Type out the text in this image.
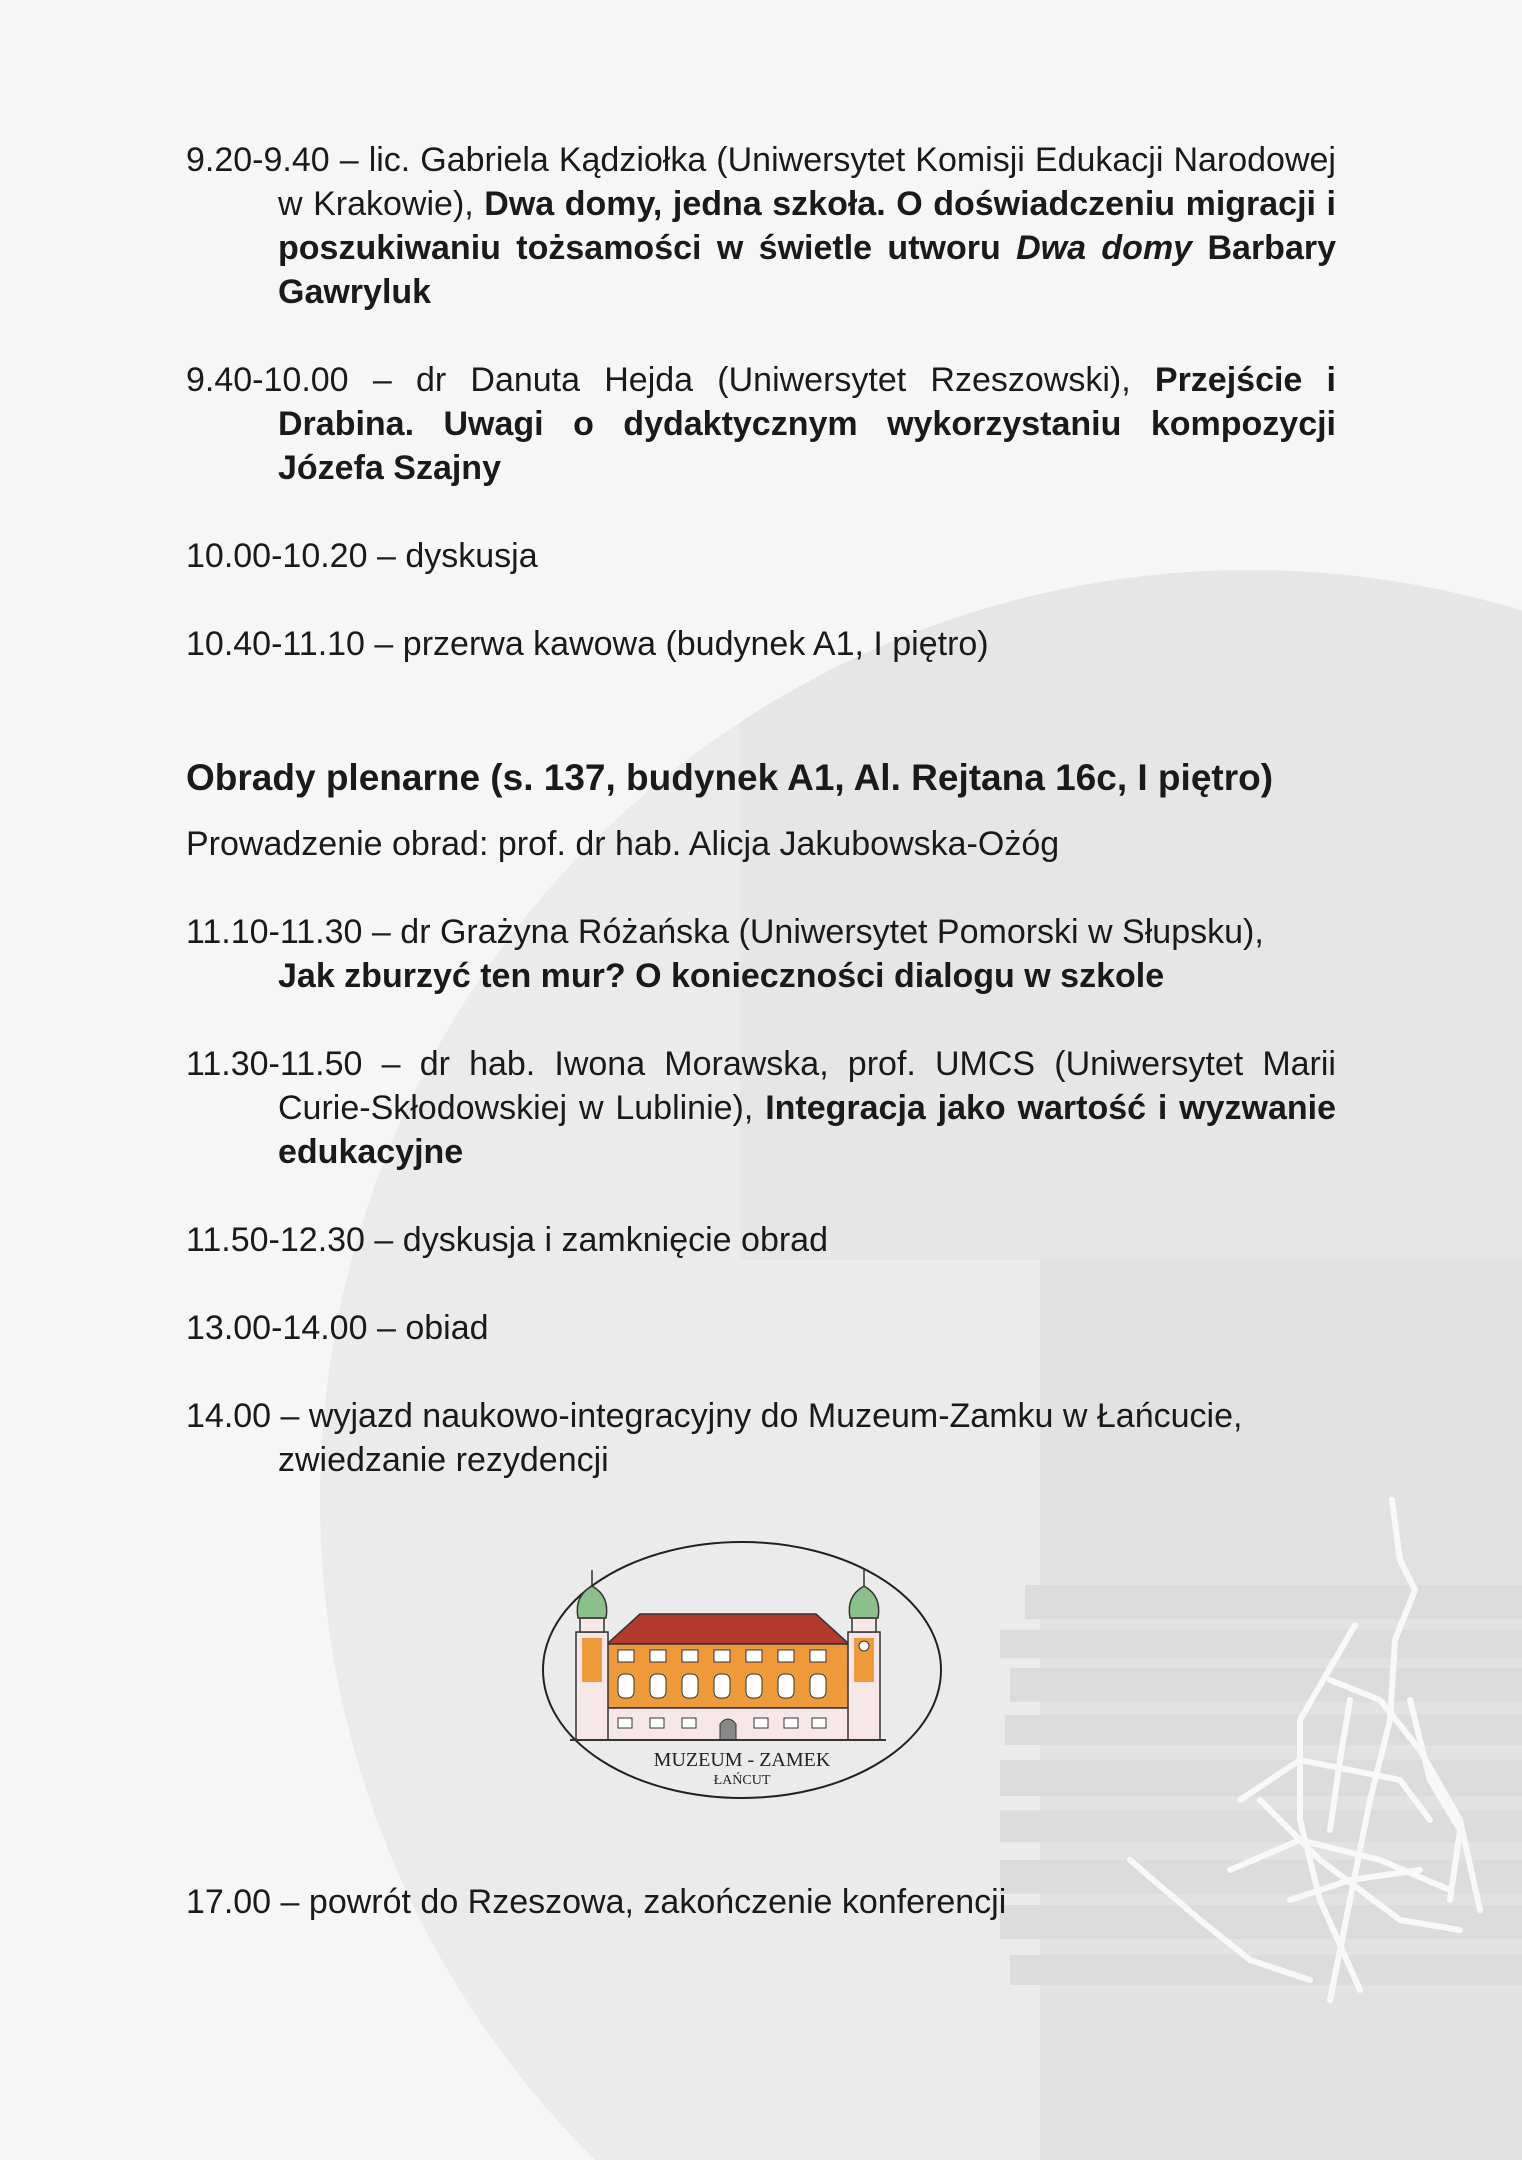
9.20-9.40 – lic. Gabriela Kądziołka (Uniwersytet Komisji Edukacji Narodowej w Krakowie), Dwa domy, jedna szkoła. O doświadczeniu migracji i poszukiwaniu tożsamości w świetle utworu Dwa domy Barbary Gawryluk

9.40-10.00 – dr Danuta Hejda (Uniwersytet Rzeszowski), Przejście i Drabina. Uwagi o dydaktycznym wykorzystaniu kompozycji Józefa Szajny

10.00-10.20 – dyskusja

10.40-11.10 – przerwa kawowa (budynek A1, I piętro)

Obrady plenarne (s. 137, budynek A1, Al. Rejtana 16c, I piętro)

Prowadzenie obrad: prof. dr hab. Alicja Jakubowska-Ożóg

11.10-11.30 – dr Grażyna Różańska (Uniwersytet Pomorski w Słupsku),
Jak zburzyć ten mur? O konieczności dialogu w szkole

11.30-11.50 – dr hab. Iwona Morawska, prof. UMCS (Uniwersytet Marii Curie-Skłodowskiej w Lublinie), Integracja jako wartość i wyzwanie edukacyjne

11.50-12.30 – dyskusja i zamknięcie obrad

13.00-14.00 – obiad

14.00 – wyjazd naukowo-integracyjny do Muzeum-Zamku w Łańcucie, zwiedzanie rezydencji

MUZEUM - ZAMEK
ŁAŃCUT

17.00 – powrót do Rzeszowa, zakończenie konferencji
